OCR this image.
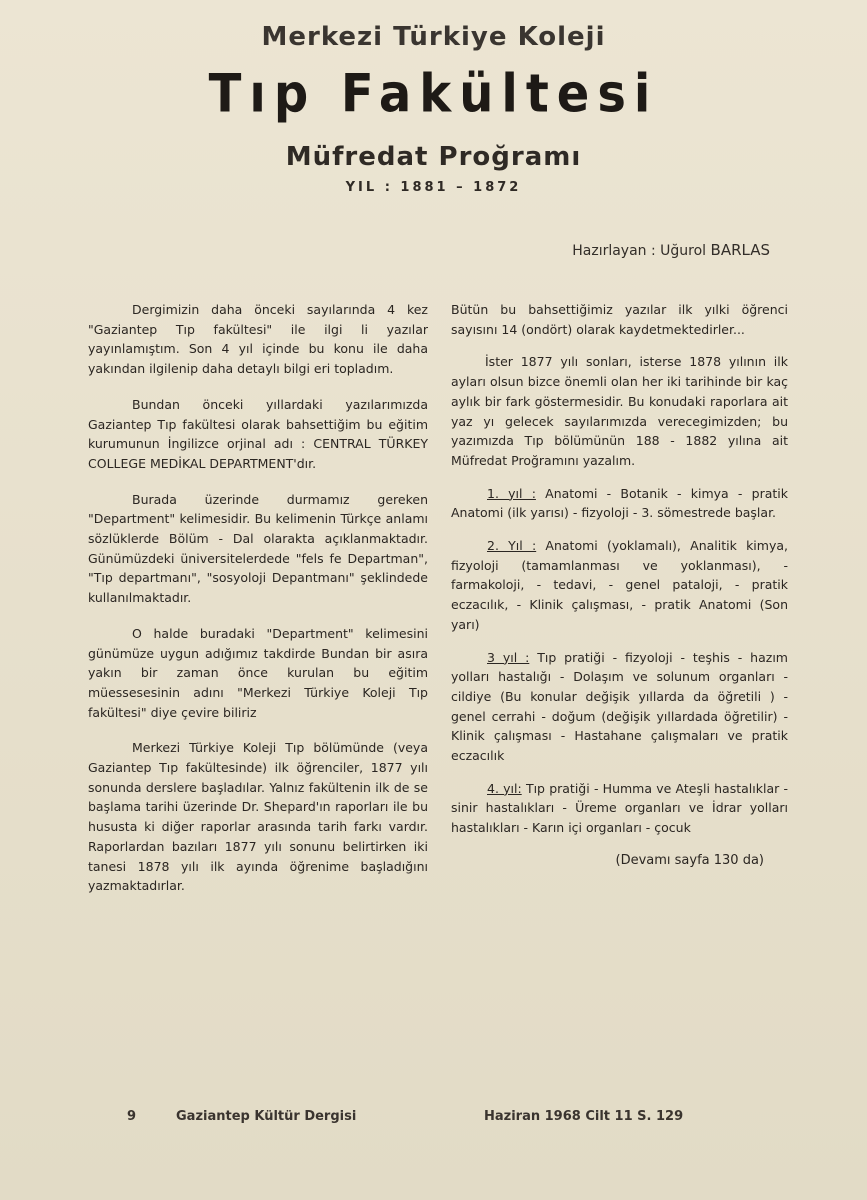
Merkezi Türkiye Koleji
Tıp Fakültesi
Müfredat Proğramı
YIL : 1881 – 1872
Hazırlayan : Uğurol BARLAS

Dergimizin daha önceki sayılarında 4 kez "Gaziantep Tıp fakültesi" ile ilgi li yazılar yayınlamıştım. Son 4 yıl içinde bu konu ile daha yakından ilgilenip daha detaylı bilgi eri topladım.

Bundan önceki yıllardaki yazılarımızda Gaziantep Tıp fakültesi olarak bahsettiğim bu eğitim kurumunun İngilizce orjinal adı : CENTRAL TÜRKEY COLLEGE MEDİKAL DEPARTMENT'dır.

Burada üzerinde durmamız gereken "Department" kelimesidir. Bu kelimenin Türkçe anlamı sözlüklerde Bölüm - Dal olarakta açıklanmaktadır. Günümüzdeki üniversitelerdede "fels fe Departman", "Tıp departmanı", "sosyoloji Depantmanı" şeklindede kullanılmaktadır.

O halde buradaki "Department" kelimesini günümüze uygun adığımız takdirde Bundan bir asıra yakın bir zaman önce kurulan bu eğitim müessesesinin adını "Merkezi Türkiye Koleji Tıp fakültesi" diye çevire biliriz

Merkezi Türkiye Koleji Tıp bölümünde (veya Gaziantep Tıp fakültesinde) ilk öğrenciler, 1877 yılı sonunda derslere başladılar. Yalnız fakültenin ilk de se başlama tarihi üzerinde Dr. Shepard'ın raporları ile bu hususta ki diğer raporlar arasında tarih farkı vardır. Raporlardan bazıları 1877 yılı sonunu belirtirken iki tanesi 1878 yılı ilk ayında öğrenime başladığını yazmaktadırlar.

Bütün bu bahsettiğimiz yazılar ilk yılki öğrenci sayısını 14 (ondört) olarak kaydetmektedirler...

İster 1877 yılı sonları, isterse 1878 yılının ilk ayları olsun bizce önemli olan her iki tarihinde bir kaç aylık bir fark göstermesidir. Bu konudaki raporlara ait yaz yı gelecek sayılarımızda verecegimizden; bu yazımızda Tıp bölümünün 188 - 1882 yılına ait Müfredat Proğramını yazalım.

1. yıl : Anatomi - Botanik - kimya - pratik Anatomi (ilk yarısı) - fizyoloji - 3. sömestrede başlar.

2. Yıl : Anatomi (yoklamalı), Analitik kimya, fizyoloji (tamamlanması ve yoklanması), - farmakoloji, - tedavi, - genel pataloji, - pratik eczacılık, - Klinik çalışması, - pratik Anatomi (Son yarı)

3 yıl : Tıp pratiği - fizyoloji - teşhis - hazım yolları hastalığı - Dolaşım ve solunum organları - cildiye (Bu konular değişik yıllarda da öğretili ) - genel cerrahi - doğum (değişik yıllardada öğretilir) - Klinik çalışması - Hastahane çalışmaları ve pratik eczacılık

4. yıl: Tıp pratiği - Humma ve Ateşli hastalıklar - sinir hastalıkları - Üreme organları ve İdrar yolları hastalıkları - Karın içi organları - çocuk

(Devamı sayfa 130 da)
9	Gaziantep Kültür Dergisi	Haziran 1968 Cilt 11 S. 129
